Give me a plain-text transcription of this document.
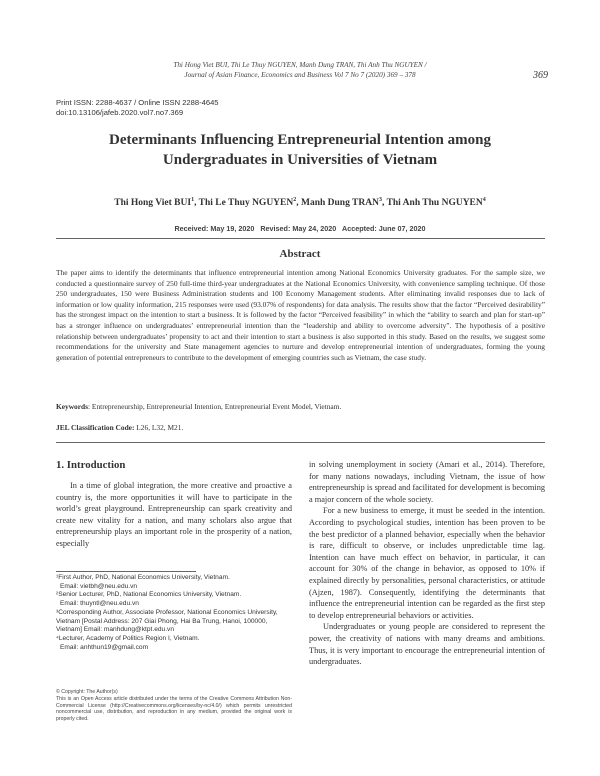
Thi Hong Viet BUI, Thi Le Thuy NGUYEN, Manh Dung TRAN, Thi Anh Thu NGUYEN /
Journal of Asian Finance, Economics and Business Vol 7 No 7 (2020) 369 – 378	369
Print ISSN: 2288-4637 / Online ISSN 2288-4645
doi:10.13106/jafeb.2020.vol7.no7.369
Determinants Influencing Entrepreneurial Intention among
Undergraduates in Universities of Vietnam
Thi Hong Viet BUI$^1$, Thi Le Thuy NGUYEN$^2$, Manh Dung TRAN$^3$, Thi Anh Thu NGUYEN$^4$
Received: May 19, 2020   Revised: May 24, 2020   Accepted: June 07, 2020
Abstract
The paper aims to identify the determinants that influence entrepreneurial intention among National Economics University graduates. For the sample size, we conducted a questionnaire survey of 250 full-time third-year undergraduates at the National Economics University, with convenience sampling technique. Of those 250 undergraduates, 150 were Business Administration students and 100 Economy Management students. After eliminating invalid responses due to lack of information or low quality information, 215 responses were used (93.07% of respondents) for data analysis. The results show that the factor “Perceived desirability” has the strongest impact on the intention to start a business. It is followed by the factor “Perceived feasibility” in which the “ability to search and plan for start-up” has a stronger influence on undergraduates’ entrepreneurial intention than the “leadership and ability to overcome adversity”. The hypothesis of a positive relationship between undergraduates’ propensity to act and their intention to start a business is also supported in this study. Based on the results, we suggest some recommendations for the university and State management agencies to nurture and develop entrepreneurial intention of undergraduates, forming the young generation of potential entrepreneurs to contribute to the development of emerging countries such as Vietnam, the case study.
Keywords: Entrepreneurship, Entrepreneurial Intention, Entrepreneurial Event Model, Vietnam.
JEL Classification Code: L26, L32, M21.
1. Introduction

In a time of global integration, the more creative and proactive a country is, the more opportunities it will have to participate in the world’s great playground. Entrepreneurship can spark creativity and create new vitality for a nation, and many scholars also argue that entrepreneurship plays an important role in the prosperity of a nation, especially

in solving unemployment in society (Amari et al., 2014). Therefore, for many nations nowadays, including Vietnam, the issue of how entrepreneurship is spread and facilitated for development is becoming a major concern of the whole society.

For a new business to emerge, it must be seeded in the intention. According to psychological studies, intention has been proven to be the best predictor of a planned behavior, especially when the behavior is rare, difficult to observe, or includes unpredictable time lag. Intention can have much effect on behavior, in particular, it can account for 30% of the change in behavior, as opposed to 10% if explained directly by personalities, personal characteristics, or attitude (Ajzen, 1987). Consequently, identifying the determinants that influence the entrepreneurial intention can be regarded as the first step to develop entrepreneurial behaviors or activities.

Undergraduates or young people are considered to represent the power, the creativity of nations with many dreams and ambitions. Thus, it is very important to encourage the entrepreneurial intention of undergraduates.

¹First Author, PhD, National Economics University, Vietnam.

Email: vietbh@neu.edu.vn

²Senior Lecturer, PhD, National Economics University, Vietnam.

Email: thuyntl@neu.edu.vn

³Corresponding Author, Associate Professor, National Economics University, Vietnam [Postal Address: 207 Giai Phong, Hai Ba Trung, Hanoi, 100000, Vietnam] Email: manhdung@ktpt.edu.vn

⁴Lecturer, Academy of Politics Region I, Vietnam.

Email: anhthun19@gmail.com

© Copyright: The Author(s)

This is an Open Access article distributed under the terms of the Creative Commons Attribution Non-Commercial License (http://Creativecommons.org/licenses/by-nc/4.0/) which permits unrestricted noncommercial use, distribution, and reproduction in any medium, provided the original work is properly cited.
